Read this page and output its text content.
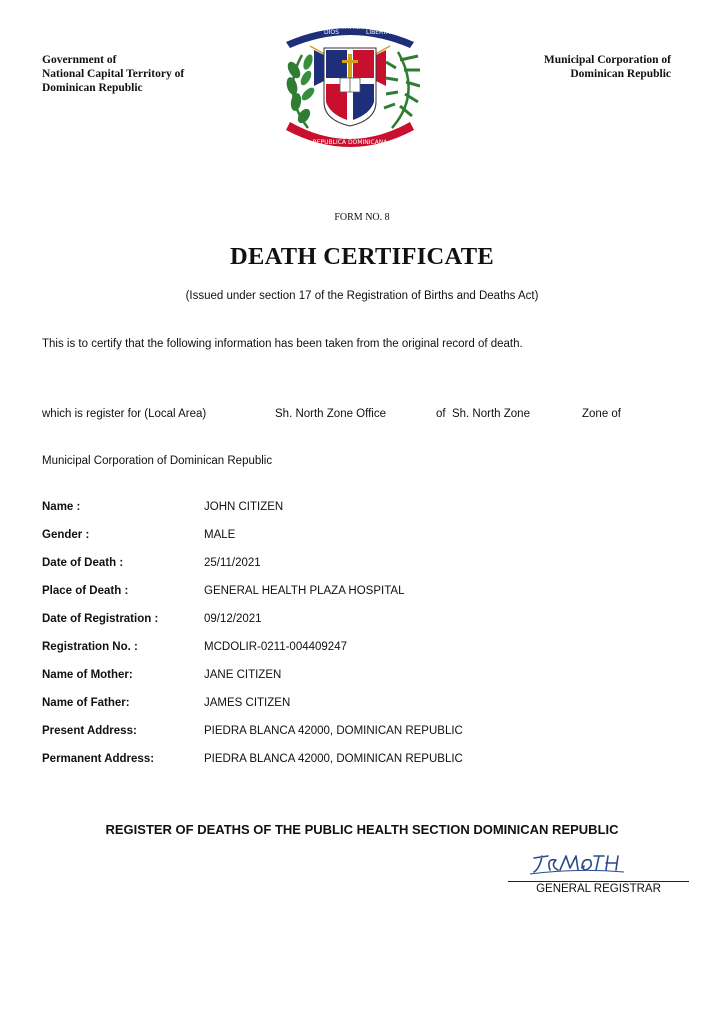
Government of
National Capital Territory of
Dominican Republic
Municipal Corporation of
Dominican Republic
DIOS
PATRIA
LIBERTAD
REPUBLICA DOMINICANA
FORM NO. 8
DEATH CERTIFICATE
(Issued under section 17 of the Registration of Births and Deaths Act)
This is to certify that the following information has been taken from the original record of death.
which is register for (Local Area)	Sh. North Zone Office	of  Sh. North Zone	Zone of
Municipal Corporation of Dominican Republic
Name :	JOHN CITIZEN
Gender :	MALE
Date of Death :	25/11/2021
Place of Death :	GENERAL HEALTH PLAZA HOSPITAL
Date of Registration :	09/12/2021
Registration No. :	MCDOLIR-0211-004409247
Name of Mother:	JANE CITIZEN
Name of Father:	JAMES CITIZEN
Present Address:	PIEDRA BLANCA 42000, DOMINICAN REPUBLIC
Permanent Address:	PIEDRA BLANCA 42000, DOMINICAN REPUBLIC
REGISTER OF DEATHS OF THE PUBLIC HEALTH SECTION DOMINICAN REPUBLIC
GENERAL REGISTRAR
